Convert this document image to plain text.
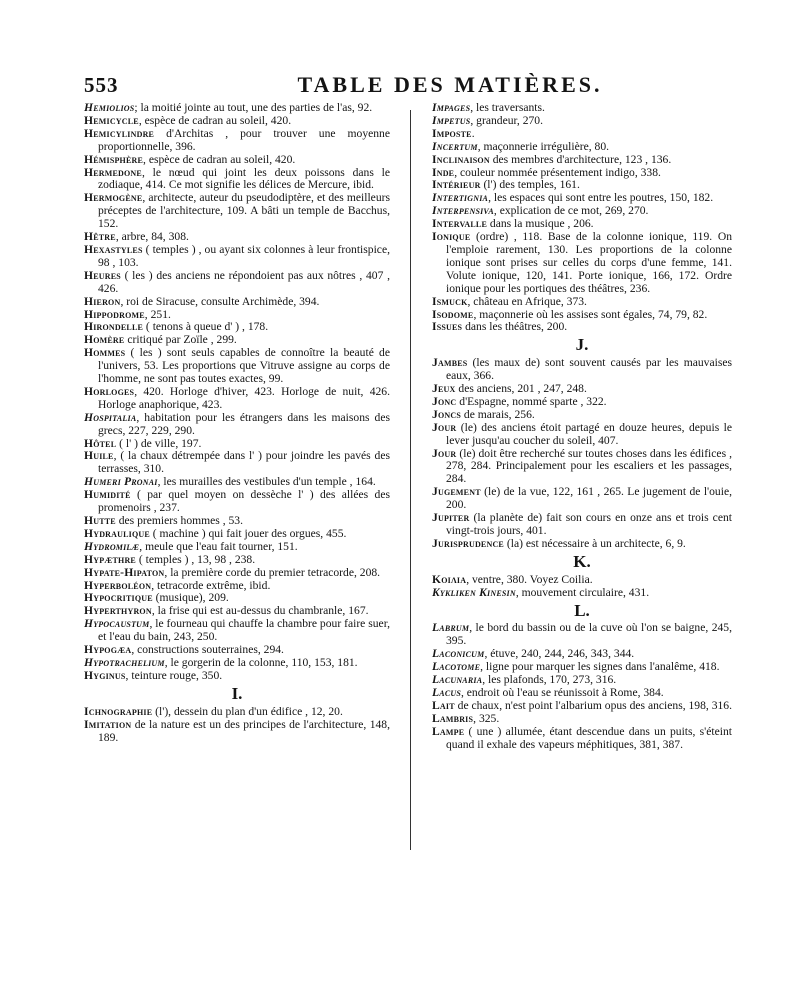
553	TABLE DES MATIÈRES.

Hemiolios; la moitié jointe au tout, une des parties de l'as, 92.

Hemicycle, espèce de cadran au soleil, 420.

Hemicylindre d'Architas , pour trouver une moyenne proportionnelle, 396.

Hémisphère, espèce de cadran au soleil, 420.

Hermedone, le nœud qui joint les deux poissons dans le zodiaque, 414. Ce mot signifie les délices de Mercure, ibid.

Hermogène, architecte, auteur du pseudodiptère, et des meilleurs préceptes de l'architecture, 109. A bâti un temple de Bacchus, 152.

Hêtre, arbre, 84, 308.

Hexastyles ( temples ) , ou ayant six colonnes à leur frontispice, 98 , 103.

Heures ( les ) des anciens ne répondoient pas aux nôtres , 407 , 426.

Hieron, roi de Siracuse, consulte Archimède, 394.

Hippodrome, 251.

Hirondelle ( tenons à queue d' ) , 178.

Homère critiqué par Zoïle , 299.

Hommes ( les ) sont seuls capables de connoître la beauté de l'univers, 53. Les proportions que Vitruve assigne au corps de l'homme, ne sont pas toutes exactes, 99.

Horloges, 420. Horloge d'hiver, 423. Horloge de nuit, 426. Horloge anaphorique, 423.

Hospitalia, habitation pour les étrangers dans les maisons des grecs, 227, 229, 290.

Hôtel ( l' ) de ville, 197.

Huile, ( la chaux détrempée dans l' ) pour joindre les pavés des terrasses, 310.

Humeri Pronai, les murailles des vestibules d'un temple , 164.

Humidité ( par quel moyen on dessèche l' ) des allées des promenoirs , 237.

Hutte des premiers hommes , 53.

Hydraulique ( machine ) qui fait jouer des orgues, 455.

Hydromilæ, meule que l'eau fait tourner, 151.

Hypæthre ( temples ) , 13, 98 , 238.

Hypate-Hipaton, la première corde du premier tetracorde, 208.

Hyperboléon, tetracorde extrême, ibid.

Hypocritique (musique), 209.

Hyperthyron, la frise qui est au-dessus du chambranle, 167.

Hypocaustum, le fourneau qui chauffe la chambre pour faire suer, et l'eau du bain, 243, 250.

Hypogæa, constructions souterraines, 294.

Hypotrachelium, le gorgerin de la colonne, 110, 153, 181.

Hyginus, teinture rouge, 350.

I.

Ichnographie (l'), dessein du plan d'un édifice , 12, 20.

Imitation de la nature est un des principes de l'architecture, 148, 189.

Impages, les traversants.

Impetus, grandeur, 270.

Imposte.

Incertum, maçonnerie irrégulière, 80.

Inclinaison des membres d'architecture, 123 , 136.

Inde, couleur nommée présentement indigo, 338.

Intérieur (l') des temples, 161.

Intertignia, les espaces qui sont entre les poutres, 150, 182.

Interpensiva, explication de ce mot, 269, 270.

Intervalle dans la musique , 206.

Ionique (ordre) , 118. Base de la colonne ionique, 119. On l'emploie rarement, 130. Les proportions de la colonne ionique sont prises sur celles du corps d'une femme, 141. Volute ionique, 120, 141. Porte ionique, 166, 172. Ordre ionique pour les portiques des théâtres, 236.

Ismuck, château en Afrique, 373.

Isodome, maçonnerie où les assises sont égales, 74, 79, 82.

Issues dans les théâtres, 200.

J.

Jambes (les maux de) sont souvent causés par les mauvaises eaux, 366.

Jeux des anciens, 201 , 247, 248.

Jonc d'Espagne, nommé sparte , 322.

Joncs de marais, 256.

Jour (le) des anciens étoit partagé en douze heures, depuis le lever jusqu'au coucher du soleil, 407.

Jour (le) doit être recherché sur toutes choses dans les édifices , 278, 284. Principalement pour les escaliers et les passages, 284.

Jugement (le) de la vue, 122, 161 , 265. Le jugement de l'ouie, 200.

Jupiter (la planète de) fait son cours en onze ans et trois cent vingt-trois jours, 401.

Jurisprudence (la) est nécessaire à un architecte, 6, 9.

K.

Κοιλια, ventre, 380. Voyez Coilia.

Kykliken Kinesin, mouvement circulaire, 431.

L.

Labrum, le bord du bassin ou de la cuve où l'on se baigne, 245, 395.

Laconicum, étuve, 240, 244, 246, 343, 344.

Lacotome, ligne pour marquer les signes dans l'analême, 418.

Lacunaria, les plafonds, 170, 273, 316.

Lacus, endroit où l'eau se réunissoit à Rome, 384.

Lait de chaux, n'est point l'albarium opus des anciens, 198, 316.

Lambris, 325.

Lampe ( une ) allumée, étant descendue dans un puits, s'éteint quand il exhale des vapeurs méphitiques, 381, 387.
